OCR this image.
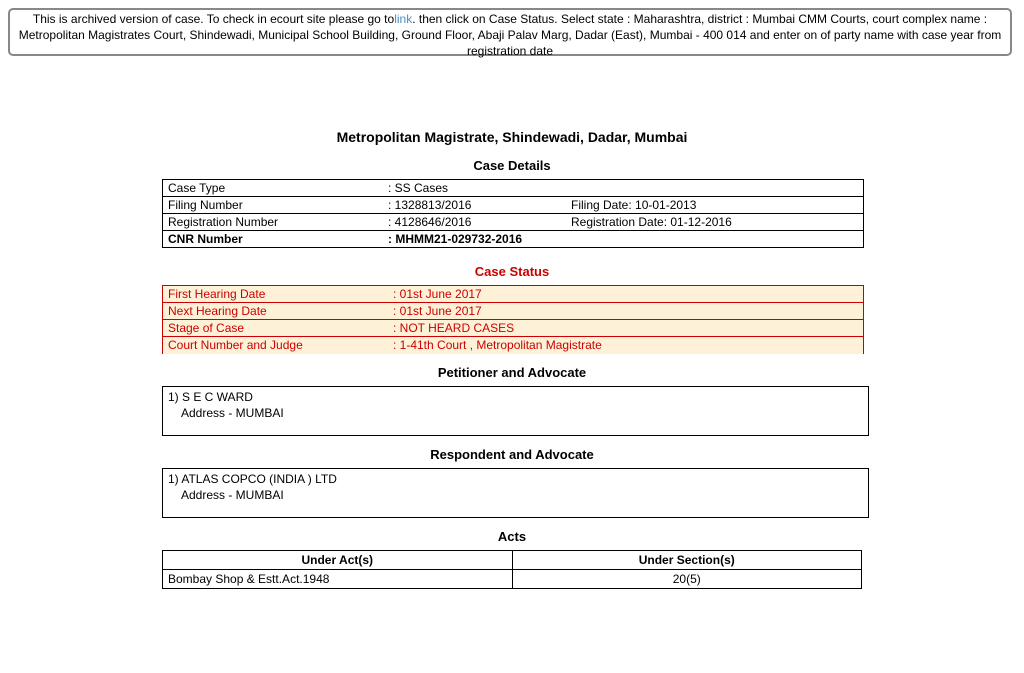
This is archived version of case. To check in ecourt site please go tolink. then click on Case Status. Select state : Maharashtra, district : Mumbai CMM Courts, court complex name : Metropolitan Magistrates Court, Shindewadi, Municipal School Building, Ground Floor, Abaji Palav Marg, Dadar (East), Mumbai - 400 014 and enter on of party name with case year from registration date
Metropolitan Magistrate, Shindewadi, Dadar, Mumbai
Case Details
Case Type	: SS Cases
Filing Number	: 1328813/2016	Filing Date: 10-01-2013
Registration Number	: 4128646/2016	Registration Date: 01-12-2016
CNR Number	: MHMM21-029732-2016
Case Status
First Hearing Date	: 01st June 2017
Next Hearing Date	: 01st June 2017
Stage of Case	: NOT HEARD CASES
Court Number and Judge	: 1-41th Court , Metropolitan Magistrate
Petitioner and Advocate
1) S E C WARD
Address - MUMBAI
Respondent and Advocate
1) ATLAS COPCO (INDIA ) LTD
Address - MUMBAI
Acts
Under Act(s)	Under Section(s)
Bombay Shop & Estt.Act.1948	20(5)
